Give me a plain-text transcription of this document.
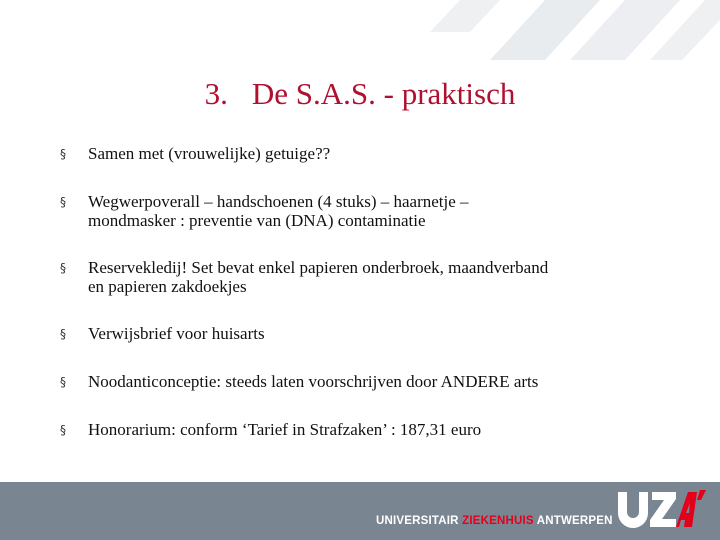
3. De S.A.S. - praktisch
§ Samen met (vrouwelijke) getuige??
§ Wegwerpoverall – handschoenen (4 stuks) – haarnetje –
mondmasker : preventie van (DNA) contaminatie
§ Reservekledij! Set bevat enkel papieren onderbroek, maandverband
en papieren zakdoekjes
§ Verwijsbrief voor huisarts
§ Noodanticonceptie: steeds laten voorschrijven door ANDERE arts
§ Honorarium: conform ‘Tarief in Strafzaken’ : 187,31 euro
UNIVERSITAIR ZIEKENHUIS ANTWERPEN
